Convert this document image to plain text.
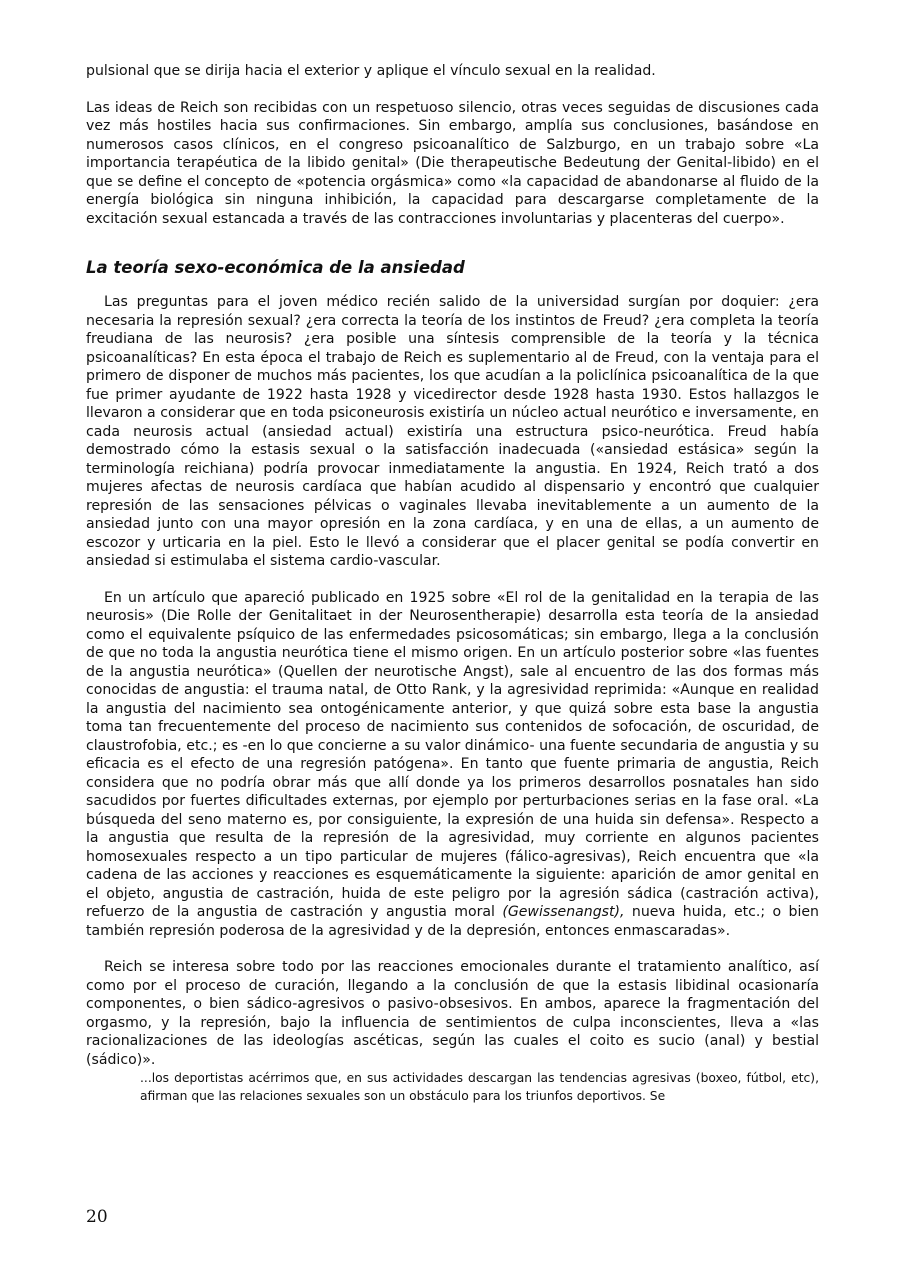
pulsional que se dirija hacia el exterior y aplique el vínculo sexual en la realidad.

Las ideas de Reich son recibidas con un respetuoso silencio, otras veces seguidas de discusiones cada vez más hostiles hacia sus confirmaciones. Sin embargo, amplía sus conclusiones, basándose en numerosos casos clínicos, en el congreso psicoanalítico de Salzburgo, en un trabajo sobre «La importancia terapéutica de la libido genital» (Die therapeutische Bedeutung der Genital-libido) en el que se define el concepto de «potencia orgásmica» como «la capacidad de abandonarse al fluido de la energía biológica sin ninguna inhibición, la capacidad para descargarse completamente de la excitación sexual estancada a través de las contracciones involuntarias y placenteras del cuerpo».

La teoría sexo-económica de la ansiedad

Las preguntas para el joven médico recién salido de la universidad surgían por doquier: ¿era necesaria la represión sexual? ¿era correcta la teoría de los instintos de Freud? ¿era completa la teoría freudiana de las neurosis? ¿era posible una síntesis comprensible de la teoría y la técnica psicoanalíticas? En esta época el trabajo de Reich es suplementario al de Freud, con la ventaja para el primero de disponer de muchos más pacientes, los que acudían a la policlínica psicoanalítica de la que fue primer ayudante de 1922 hasta 1928 y vicedirector desde 1928 hasta 1930. Estos hallazgos le llevaron a considerar que en toda psiconeurosis existiría un núcleo actual neurótico e inversamente, en cada neurosis actual (ansiedad actual) existiría una estructura psico-neurótica. Freud había demostrado cómo la estasis sexual o la satisfacción inadecuada («ansiedad estásica» según la terminología reichiana) podría provocar inmediatamente la angustia. En 1924, Reich trató a dos mujeres afectas de neurosis cardíaca que habían acudido al dispensario y encontró que cualquier represión de las sensaciones pélvicas o vaginales llevaba inevitablemente a un aumento de la ansiedad junto con una mayor opresión en la zona cardíaca, y en una de ellas, a un aumento de escozor y urticaria en la piel. Esto le llevó a considerar que el placer genital se podía convertir en ansiedad si estimulaba el sistema cardio-vascular.

En un artículo que apareció publicado en 1925 sobre «El rol de la genitalidad en la terapia de las neurosis» (Die Rolle der Genitalitaet in der Neurosentherapie) desarrolla esta teoría de la ansiedad como el equivalente psíquico de las enfermedades psicosomáticas; sin embargo, llega a la conclusión de que no toda la angustia neurótica tiene el mismo origen. En un artículo posterior sobre «las fuentes de la angustia neurótica» (Quellen der neurotische Angst), sale al encuentro de las dos formas más conocidas de angustia: el trauma natal, de Otto Rank, y la agresividad reprimida: «Aunque en realidad la angustia del nacimiento sea ontogénicamente anterior, y que quizá sobre esta base la angustia toma tan frecuentemente del proceso de nacimiento sus contenidos de sofocación, de oscuridad, de claustrofobia, etc.; es -en lo que concierne a su valor dinámico- una fuente secundaria de angustia y su eficacia es el efecto de una regresión patógena». En tanto que fuente primaria de angustia, Reich considera que no podría obrar más que allí donde ya los primeros desarrollos posnatales han sido sacudidos por fuertes dificultades externas, por ejemplo por perturbaciones serias en la fase oral. «La búsqueda del seno materno es, por consiguiente, la expresión de una huida sin defensa». Respecto a la angustia que resulta de la represión de la agresividad, muy corriente en algunos pacientes homosexuales respecto a un tipo particular de mujeres (fálico-agresivas), Reich encuentra que «la cadena de las acciones y reacciones es esquemáticamente la siguiente: aparición de amor genital en el objeto, angustia de castración, huida de este peligro por la agresión sádica (castración activa), refuerzo de la angustia de castración y angustia moral (Gewissenangst), nueva huida, etc.; o bien también represión poderosa de la agresividad y de la depresión, entonces enmascaradas».

Reich se interesa sobre todo por las reacciones emocionales durante el tratamiento analítico, así como por el proceso de curación, llegando a la conclusión de que la estasis libidinal ocasionaría componentes, o bien sádico-agresivos o pasivo-obsesivos. En ambos, aparece la fragmentación del orgasmo, y la represión, bajo la influencia de sentimientos de culpa inconscientes, lleva a «las racionalizaciones de las ideologías ascéticas, según las cuales el coito es sucio (anal) y bestial (sádico)».

...los deportistas acérrimos que, en sus actividades descargan las tendencias agresivas (boxeo, fútbol, etc), afirman que las relaciones sexuales son un obstáculo para los triunfos deportivos. Se

20
